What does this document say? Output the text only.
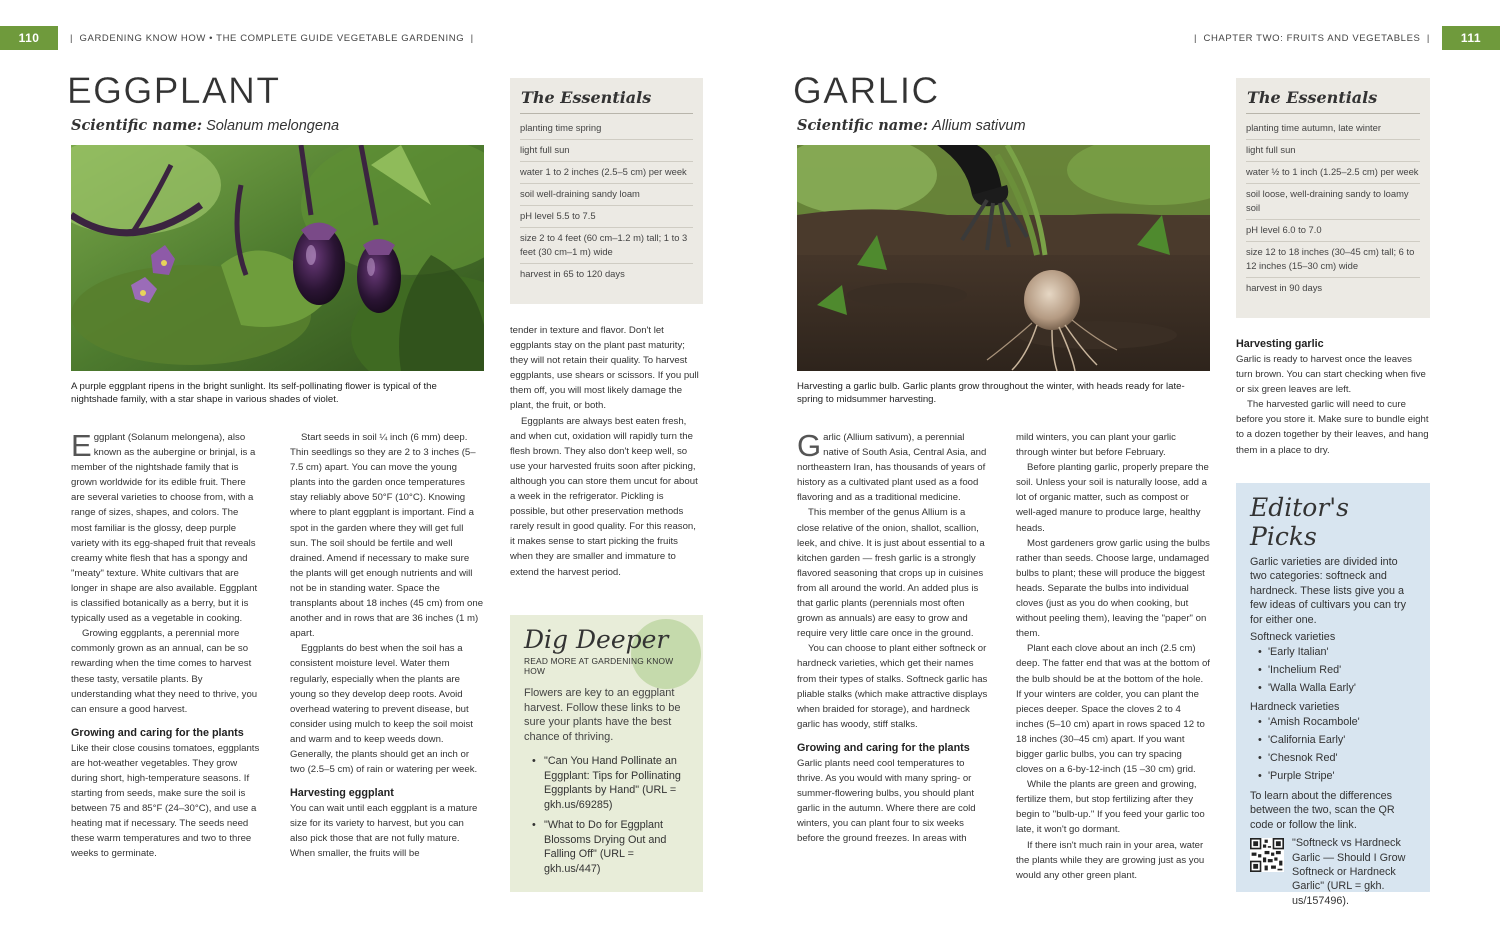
110	|  GARDENING KNOW HOW • THE COMPLETE GUIDE VEGETABLE GARDENING  |	|  CHAPTER TWO: FRUITS AND VEGETABLES  |	111
EGGPLANT
Scientific name: Solanum melongena
A purple eggplant ripens in the bright sunlight. Its self-pollinating flower is typical of the nightshade family, with a star shape in various shades of violet.
The Essentials
planting time spring
light full sun
water 1 to 2 inches (2.5–5 cm) per week
soil well-draining sandy loam
pH level 5.5 to 7.5
size 2 to 4 feet (60 cm–1.2 m) tall; 1 to 3 feet (30 cm–1 m) wide
harvest in 65 to 120 days

Eggplant (Solanum melongena), also known as the aubergine or brinjal, is a member of the nightshade family that is grown worldwide for its edible fruit. There are several varieties to choose from, with a range of sizes, shapes, and colors. The most familiar is the glossy, deep purple variety with its egg-shaped fruit that reveals creamy white flesh that has a spongy and "meaty" texture. White cultivars that are longer in shape are also available. Eggplant is classified botanically as a berry, but it is typically used as a vegetable in cooking.

Growing eggplants, a perennial more commonly grown as an annual, can be so rewarding when the time comes to harvest these tasty, versatile plants. By understanding what they need to thrive, you can ensure a good harvest.

Growing and caring for the plants

Like their close cousins tomatoes, eggplants are hot-weather vegetables. They grow during short, high-temperature seasons. If starting from seeds, make sure the soil is between 75 and 85°F (24–30°C), and use a heating mat if necessary. The seeds need these warm temperatures and two to three weeks to germinate.

Start seeds in soil ¼ inch (6 mm) deep. Thin seedlings so they are 2 to 3 inches (5–7.5 cm) apart. You can move the young plants into the garden once temperatures stay reliably above 50°F (10°C). Knowing where to plant eggplant is important. Find a spot in the garden where they will get full sun. The soil should be fertile and well drained. Amend if necessary to make sure the plants will get enough nutrients and will not be in standing water. Space the transplants about 18 inches (45 cm) from one another and in rows that are 36 inches (1 m) apart.

Eggplants do best when the soil has a consistent moisture level. Water them regularly, especially when the plants are young so they develop deep roots. Avoid overhead watering to prevent disease, but consider using mulch to keep the soil moist and warm and to keep weeds down. Generally, the plants should get an inch or two (2.5–5 cm) of rain or watering per week.

Harvesting eggplant

You can wait until each eggplant is a mature size for its variety to harvest, but you can also pick those that are not fully mature. When smaller, the fruits will be

tender in texture and flavor. Don't let eggplants stay on the plant past maturity; they will not retain their quality. To harvest eggplants, use shears or scissors. If you pull them off, you will most likely damage the plant, the fruit, or both.

Eggplants are always best eaten fresh, and when cut, oxidation will rapidly turn the flesh brown. They also don't keep well, so use your harvested fruits soon after picking, although you can store them uncut for about a week in the refrigerator. Pickling is possible, but other preservation methods rarely result in good quality. For this reason, it makes sense to start picking the fruits when they are smaller and immature to extend the harvest period.

Dig Deeper
READ MORE AT GARDENING KNOW HOW
Flowers are key to an eggplant harvest. Follow these links to be sure your plants have the best chance of thriving.
• "Can You Hand Pollinate an Eggplant: Tips for Pollinating Eggplants by Hand" (URL = gkh.us/69285)
• "What to Do for Eggplant Blossoms Drying Out and Falling Off" (URL = gkh.us/447)
GARLIC
Scientific name: Allium sativum
Harvesting a garlic bulb. Garlic plants grow throughout the winter, with heads ready for late-spring to midsummer harvesting.
The Essentials
planting time autumn, late winter
light full sun
water ½ to 1 inch (1.25–2.5 cm) per week
soil loose, well-draining sandy to loamy soil
pH level 6.0 to 7.0
size 12 to 18 inches (30–45 cm) tall; 6 to 12 inches (15–30 cm) wide
harvest in 90 days

Garlic (Allium sativum), a perennial native of South Asia, Central Asia, and northeastern Iran, has thousands of years of history as a cultivated plant used as a food flavoring and as a traditional medicine.

This member of the genus Allium is a close relative of the onion, shallot, scallion, leek, and chive. It is just about essential to a kitchen garden — fresh garlic is a strongly flavored seasoning that crops up in cuisines from all around the world. An added plus is that garlic plants (perennials most often grown as annuals) are easy to grow and require very little care once in the ground.

You can choose to plant either softneck or hardneck varieties, which get their names from their types of stalks. Softneck garlic has pliable stalks (which make attractive displays when braided for storage), and hardneck garlic has woody, stiff stalks.

Growing and caring for the plants

Garlic plants need cool temperatures to thrive. As you would with many spring- or summer-flowering bulbs, you should plant garlic in the autumn. Where there are cold winters, you can plant four to six weeks before the ground freezes. In areas with

mild winters, you can plant your garlic through winter but before February.

Before planting garlic, properly prepare the soil. Unless your soil is naturally loose, add a lot of organic matter, such as compost or well-aged manure to produce large, healthy heads.

Most gardeners grow garlic using the bulbs rather than seeds. Choose large, undamaged bulbs to plant; these will produce the biggest heads. Separate the bulbs into individual cloves (just as you do when cooking, but without peeling them), leaving the "paper" on them.

Plant each clove about an inch (2.5 cm) deep. The fatter end that was at the bottom of the bulb should be at the bottom of the hole. If your winters are colder, you can plant the pieces deeper. Space the cloves 2 to 4 inches (5–10 cm) apart in rows spaced 12 to 18 inches (30–45 cm) apart. If you want bigger garlic bulbs, you can try spacing cloves on a 6-by-12-inch (15 –30 cm) grid.

While the plants are green and growing, fertilize them, but stop fertilizing after they begin to "bulb-up." If you feed your garlic too late, it won't go dormant.

If there isn't much rain in your area, water the plants while they are growing just as you would any other green plant.

Harvesting garlic

Garlic is ready to harvest once the leaves turn brown. You can start checking when five or six green leaves are left.

The harvested garlic will need to cure before you store it. Make sure to bundle eight to a dozen together by their leaves, and hang them in a place to dry.

Editor's Picks
Garlic varieties are divided into two categories: softneck and hardneck. These lists give you a few ideas of cultivars you can try for either one.
Softneck varieties
• 'Early Italian'
• 'Inchelium Red'
• 'Walla Walla Early'
Hardneck varieties
• 'Amish Rocambole'
• 'California Early'
• 'Chesnok Red'
• 'Purple Stripe'
To learn about the differences between the two, scan the QR code or follow the link.
"Softneck vs Hardneck Garlic — Should I Grow Softneck or Hardneck Garlic" (URL = gkh. us/157496).
